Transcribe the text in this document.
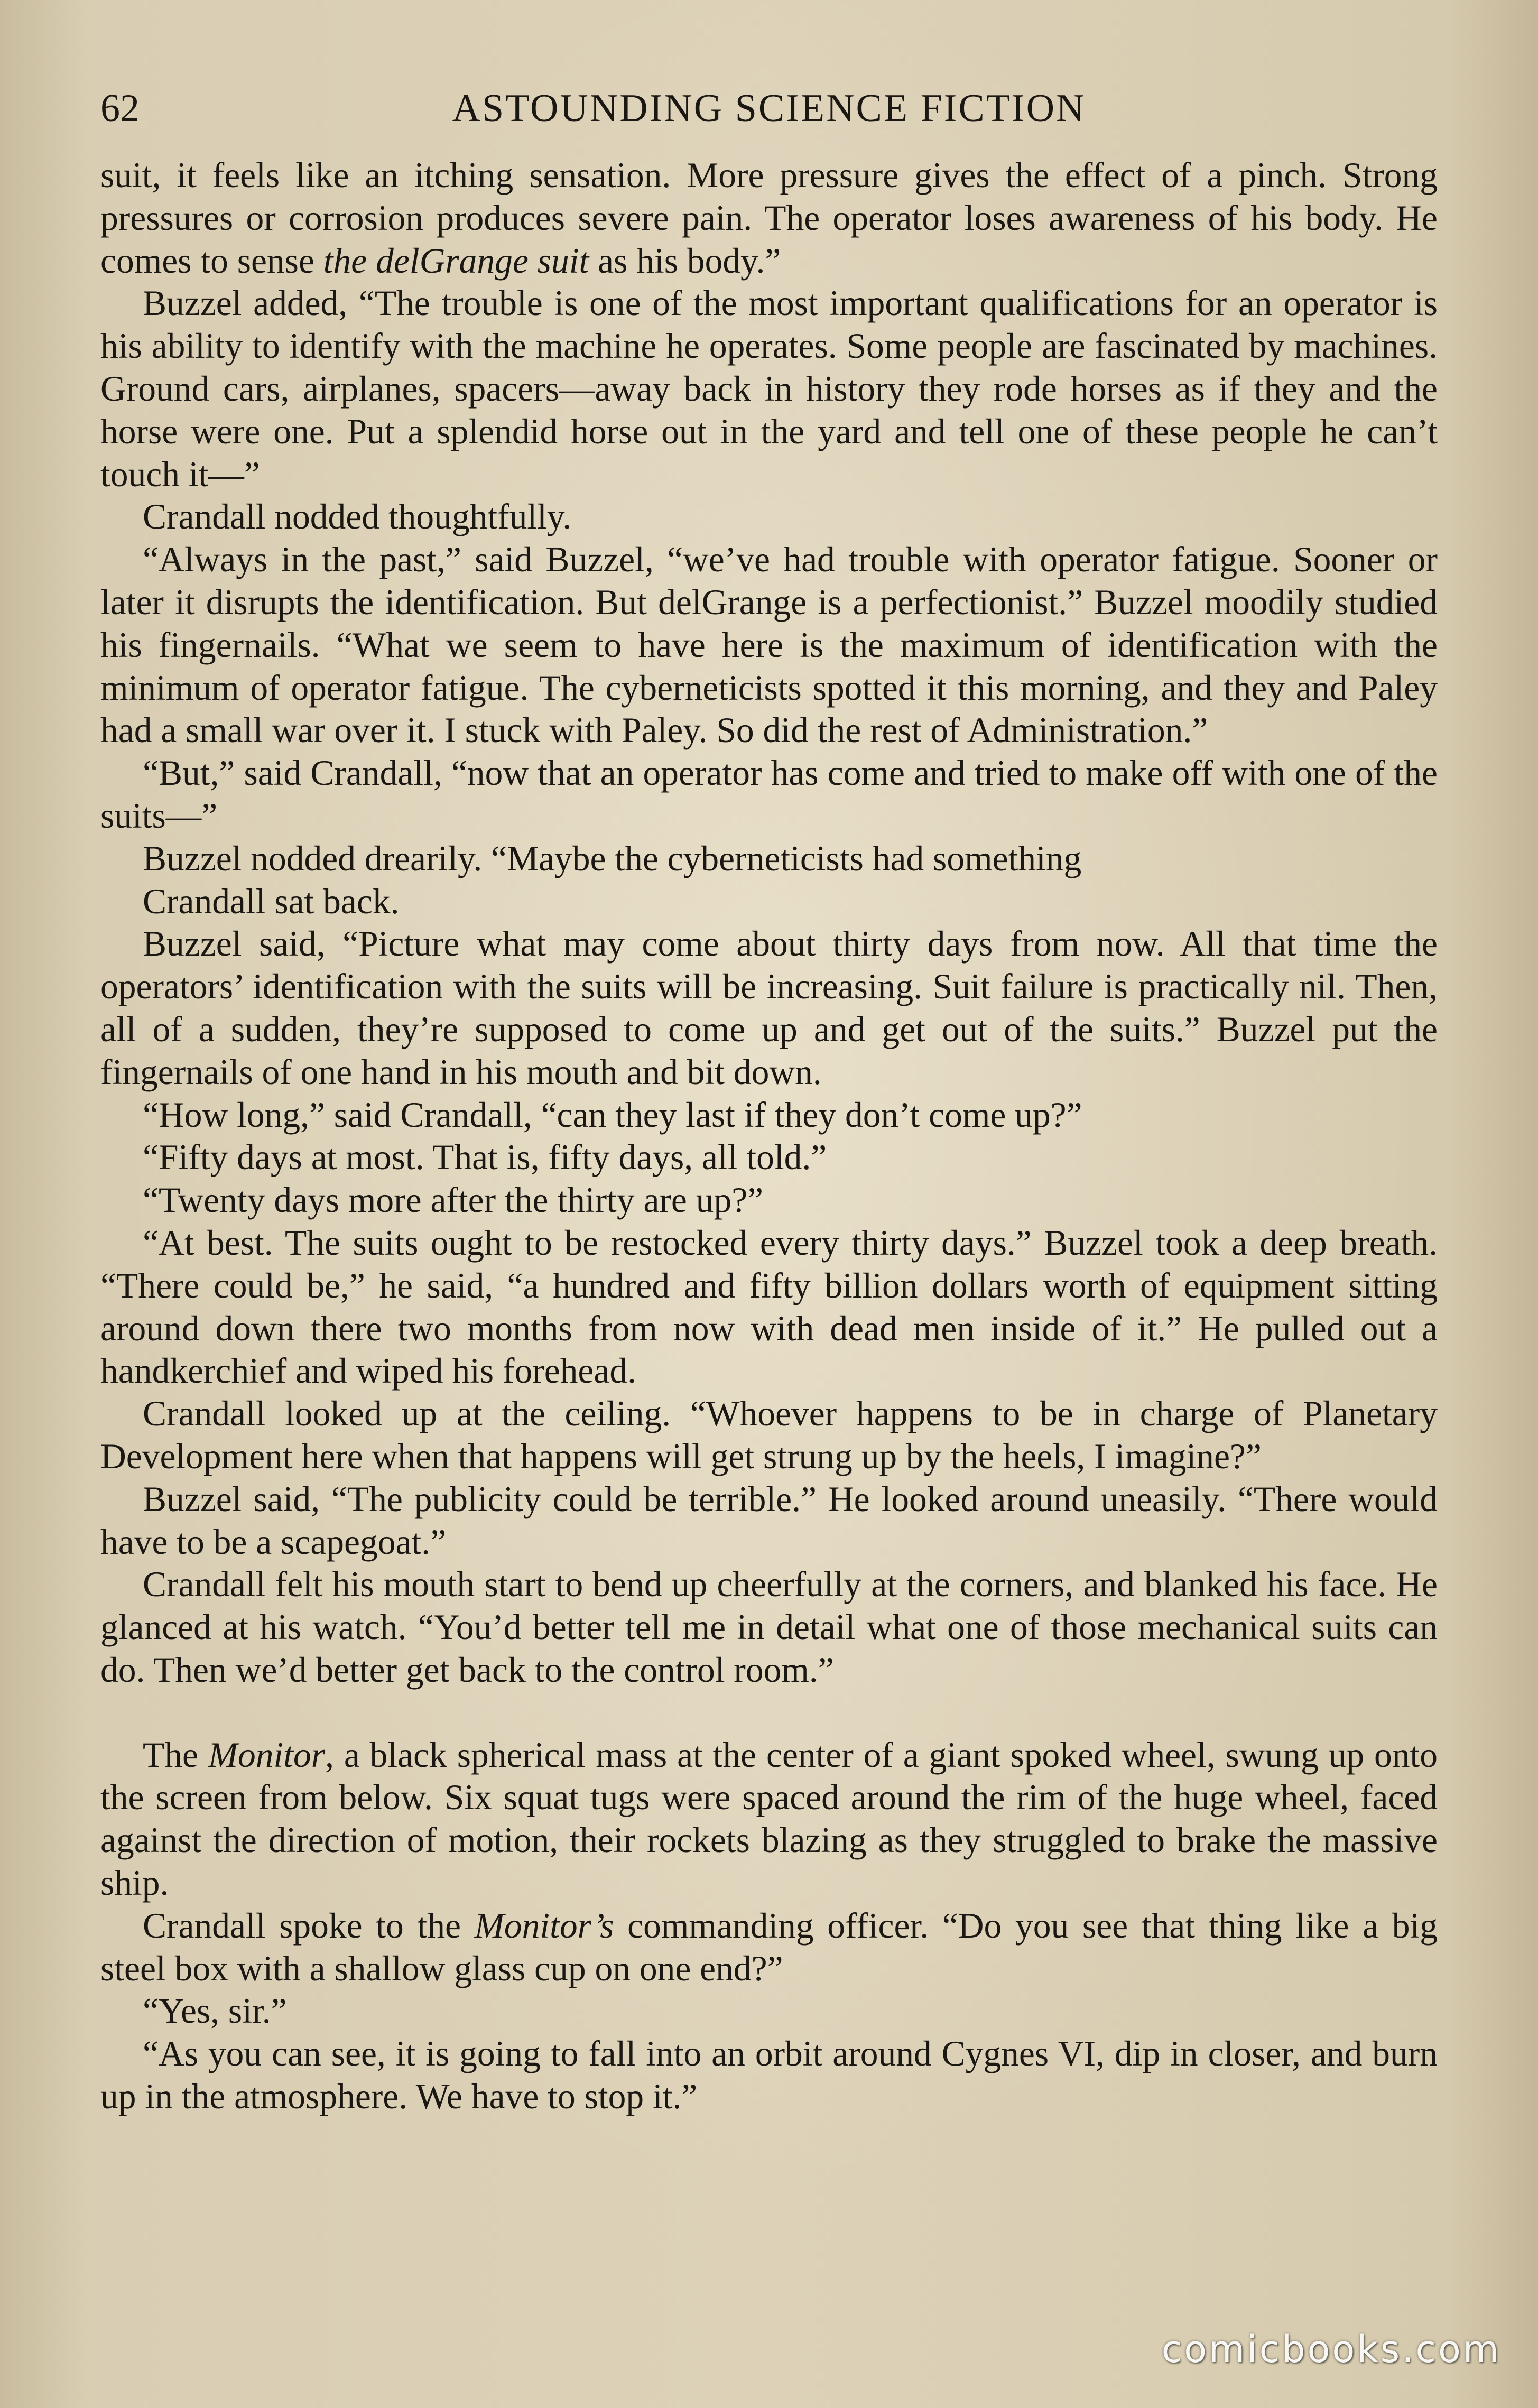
62	ASTOUNDING SCIENCE FICTION

suit, it feels like an itching sensation. More pressure gives the effect of a pinch. Strong pressures or corrosion produces severe pain. The operator loses awareness of his body. He comes to sense the delGrange suit as his body.”

Buzzel added, “The trouble is one of the most important qualifications for an operator is his ability to identify with the machine he operates. Some people are fascinated by machines. Ground cars, airplanes, spacers—away back in history they rode horses as if they and the horse were one. Put a splendid horse out in the yard and tell one of these people he can’t touch it—”

Crandall nodded thoughtfully.

“Always in the past,” said Buzzel, “we’ve had trouble with operator fatigue. Sooner or later it disrupts the identification. But delGrange is a perfectionist.” Buzzel moodily studied his fingernails. “What we seem to have here is the maximum of identification with the minimum of operator fatigue. The cyberneticists spotted it this morning, and they and Paley had a small war over it. I stuck with Paley. So did the rest of Administration.”

“But,” said Crandall, “now that an operator has come and tried to make off with one of the suits—”

Buzzel nodded drearily. “Maybe the cyberneticists had something

Crandall sat back.

Buzzel said, “Picture what may come about thirty days from now. All that time the operators’ identification with the suits will be increasing. Suit failure is practically nil. Then, all of a sudden, they’re supposed to come up and get out of the suits.” Buzzel put the fingernails of one hand in his mouth and bit down.

“How long,” said Crandall, “can they last if they don’t come up?”

“Fifty days at most. That is, fifty days, all told.”

“Twenty days more after the thirty are up?”

“At best. The suits ought to be restocked every thirty days.” Buzzel took a deep breath. “There could be,” he said, “a hundred and fifty billion dollars worth of equipment sitting around down there two months from now with dead men inside of it.” He pulled out a handkerchief and wiped his forehead.

Crandall looked up at the ceiling. “Whoever happens to be in charge of Planetary Development here when that happens will get strung up by the heels, I imagine?”

Buzzel said, “The publicity could be terrible.” He looked around uneasily. “There would have to be a scapegoat.”

Crandall felt his mouth start to bend up cheerfully at the corners, and blanked his face. He glanced at his watch. “You’d better tell me in detail what one of those mechanical suits can do. Then we’d better get back to the control room.”

The Monitor, a black spherical mass at the center of a giant spoked wheel, swung up onto the screen from below. Six squat tugs were spaced around the rim of the huge wheel, faced against the direction of motion, their rockets blazing as they struggled to brake the massive ship.

Crandall spoke to the Monitor’s commanding officer. “Do you see that thing like a big steel box with a shallow glass cup on one end?”

“Yes, sir.”

“As you can see, it is going to fall into an orbit around Cygnes VI, dip in closer, and burn up in the atmosphere. We have to stop it.”

comicbooks.com
